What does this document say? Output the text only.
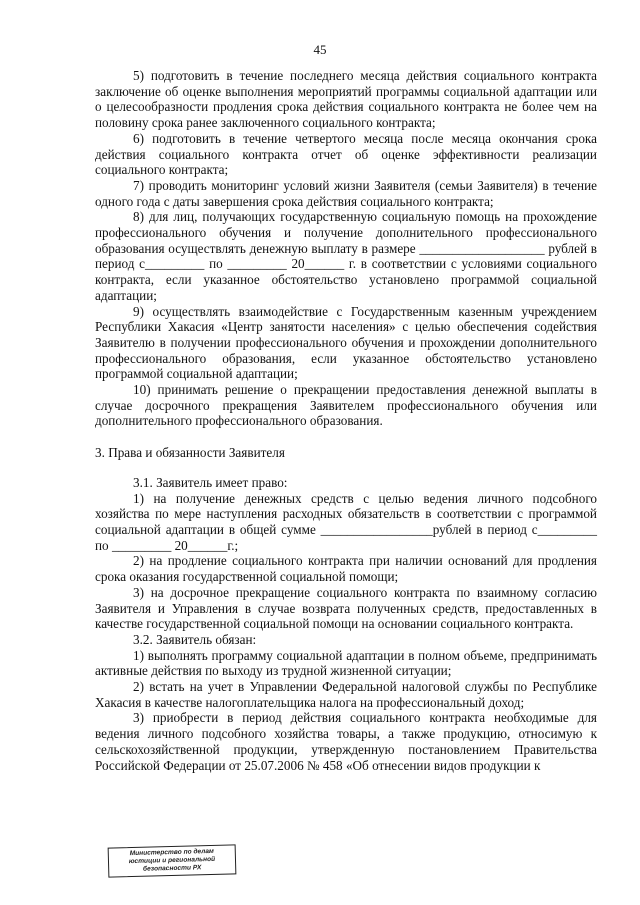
45

5) подготовить в течение последнего месяца действия социального контракта заключение об оценке выполнения мероприятий программы социальной адаптации или о целесообразности продления срока действия социального контракта не более чем на половину срока ранее заключенного социального контракта;

6) подготовить в течение четвертого месяца после месяца окончания срока действия социального контракта отчет об оценке эффективности реализации социального контракта;

7) проводить мониторинг условий жизни Заявителя (семьи Заявителя) в течение одного года с даты завершения срока действия социального контракта;

8) для лиц, получающих государственную социальную помощь на прохождение профессионального обучения и получение дополнительного профессионального образования осуществлять денежную выплату в размере ___________________ рублей в период с_________ по _________ 20______ г. в соответствии с условиями социального контракта, если указанное обстоятельство установлено программой социальной адаптации;

9) осуществлять взаимодействие с Государственным казенным учреждением Республики Хакасия «Центр занятости населения» с целью обеспечения содействия Заявителю в получении профессионального обучения и прохождении дополнительного профессионального образования, если указанное обстоятельство установлено программой социальной адаптации;

10) принимать решение о прекращении предоставления денежной выплаты в случае досрочного прекращения Заявителем профессионального обучения или дополнительного профессионального образования.

3. Права и обязанности Заявителя

3.1. Заявитель имеет право:

1) на получение денежных средств с целью ведения личного подсобного хозяйства по мере наступления расходных обязательств в соответствии с программой социальной адаптации в общей сумме _________________рублей в период с_________ по _________ 20______г.;

2) на продление социального контракта при наличии оснований для продления срока оказания государственной социальной помощи;

3) на досрочное прекращение социального контракта по взаимному согласию Заявителя и Управления в случае возврата полученных средств, предоставленных в качестве государственной социальной помощи на основании социального контракта.

3.2. Заявитель обязан:

1) выполнять программу социальной адаптации в полном объеме, предпринимать активные действия по выходу из трудной жизненной ситуации;

2) встать на учет в Управлении Федеральной налоговой службы по Республике Хакасия в качестве налогоплательщика налога на профессиональный доход;

3) приобрести в период действия социального контракта необходимые для ведения личного подсобного хозяйства товары, а также продукцию, относимую к сельскохозяйственной продукции, утвержденную постановлением Правительства Российской Федерации от 25.07.2006 № 458 «Об отнесении видов продукции к

Министерство по делам
юстиции и региональной
безопасности РХ
